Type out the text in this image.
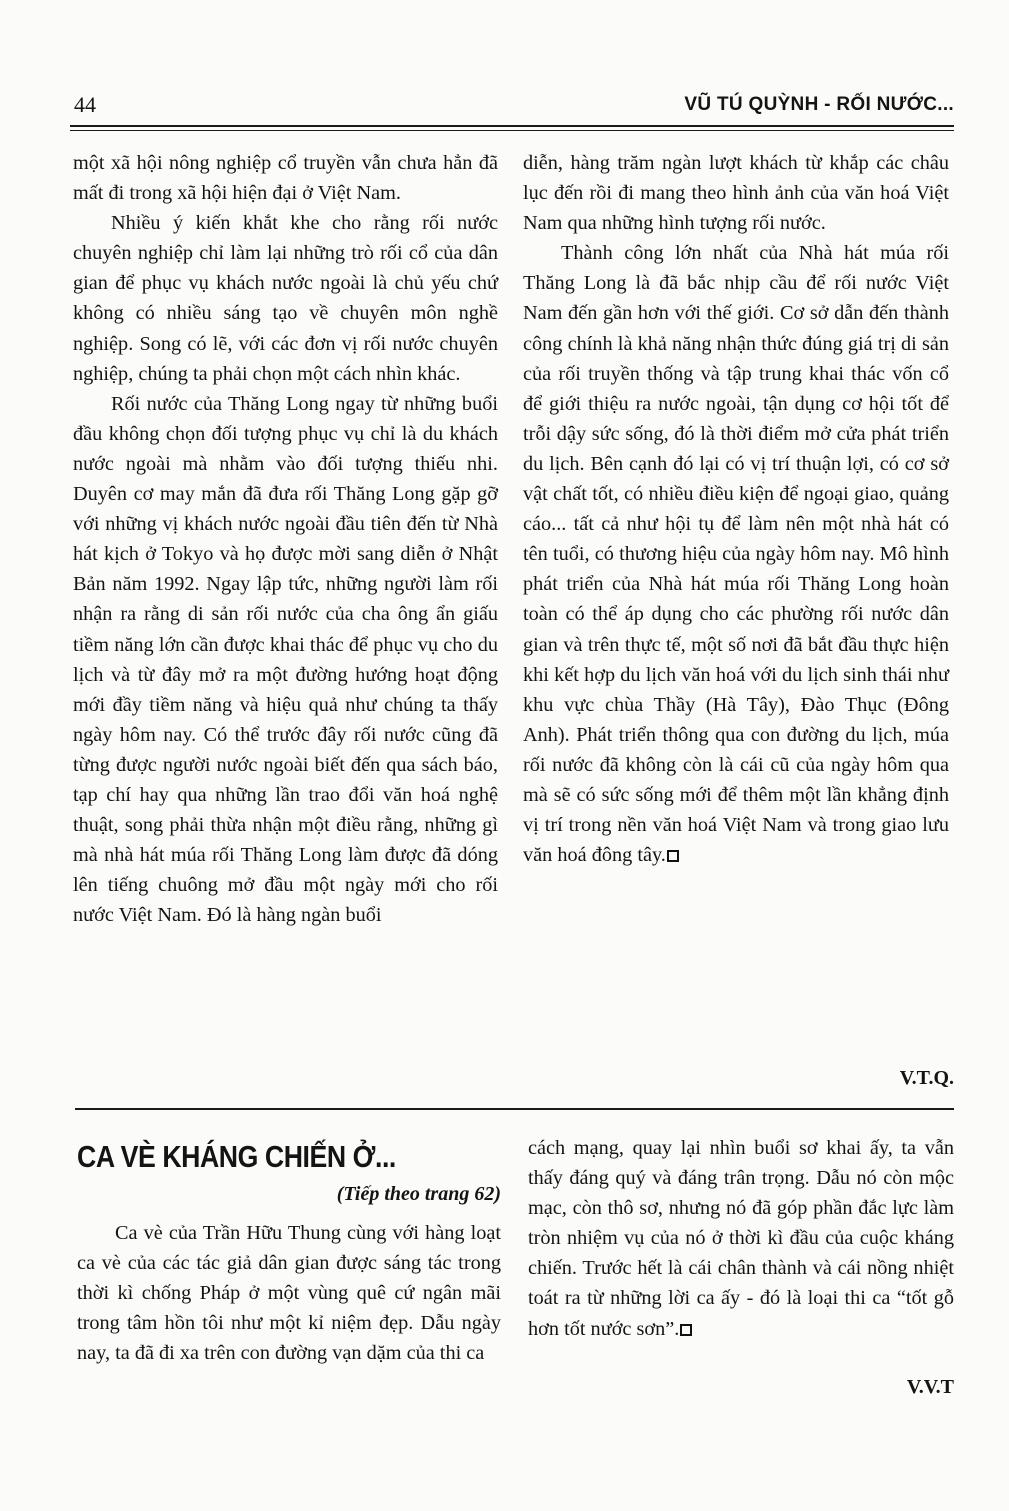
44	VŨ TÚ QUỲNH - RỐI NƯỚC...

một xã hội nông nghiệp cổ truyền vẫn chưa hẳn đã mất đi trong xã hội hiện đại ở Việt Nam.

Nhiều ý kiến khắt khe cho rằng rối nước chuyên nghiệp chỉ làm lại những trò rối cổ của dân gian để phục vụ khách nước ngoài là chủ yếu chứ không có nhiều sáng tạo về chuyên môn nghề nghiệp. Song có lẽ, với các đơn vị rối nước chuyên nghiệp, chúng ta phải chọn một cách nhìn khác.

Rối nước của Thăng Long ngay từ những buổi đầu không chọn đối tượng phục vụ chỉ là du khách nước ngoài mà nhằm vào đối tượng thiếu nhi. Duyên cơ may mắn đã đưa rối Thăng Long gặp gỡ với những vị khách nước ngoài đầu tiên đến từ Nhà hát kịch ở Tokyo và họ được mời sang diễn ở Nhật Bản năm 1992. Ngay lập tức, những người làm rối nhận ra rằng di sản rối nước của cha ông ẩn giấu tiềm năng lớn cần được khai thác để phục vụ cho du lịch và từ đây mở ra một đường hướng hoạt động mới đầy tiềm năng và hiệu quả như chúng ta thấy ngày hôm nay. Có thể trước đây rối nước cũng đã từng được người nước ngoài biết đến qua sách báo, tạp chí hay qua những lần trao đổi văn hoá nghệ thuật, song phải thừa nhận một điều rằng, những gì mà nhà hát múa rối Thăng Long làm được đã dóng lên tiếng chuông mở đầu một ngày mới cho rối nước Việt Nam. Đó là hàng ngàn buổi

diễn, hàng trăm ngàn lượt khách từ khắp các châu lục đến rồi đi mang theo hình ảnh của văn hoá Việt Nam qua những hình tượng rối nước.

Thành công lớn nhất của Nhà hát múa rối Thăng Long là đã bắc nhịp cầu để rối nước Việt Nam đến gần hơn với thế giới. Cơ sở dẫn đến thành công chính là khả năng nhận thức đúng giá trị di sản của rối truyền thống và tập trung khai thác vốn cổ để giới thiệu ra nước ngoài, tận dụng cơ hội tốt để trỗi dậy sức sống, đó là thời điểm mở cửa phát triển du lịch. Bên cạnh đó lại có vị trí thuận lợi, có cơ sở vật chất tốt, có nhiều điều kiện để ngoại giao, quảng cáo... tất cả như hội tụ để làm nên một nhà hát có tên tuổi, có thương hiệu của ngày hôm nay. Mô hình phát triển của Nhà hát múa rối Thăng Long hoàn toàn có thể áp dụng cho các phường rối nước dân gian và trên thực tế, một số nơi đã bắt đầu thực hiện khi kết hợp du lịch văn hoá với du lịch sinh thái như khu vực chùa Thầy (Hà Tây), Đào Thục (Đông Anh). Phát triển thông qua con đường du lịch, múa rối nước đã không còn là cái cũ của ngày hôm qua mà sẽ có sức sống mới để thêm một lần khẳng định vị trí trong nền văn hoá Việt Nam và trong giao lưu văn hoá đông tây.

V.T.Q.
CA VÈ KHÁNG CHIẾN Ở...
(Tiếp theo trang 62)

Ca vè của Trần Hữu Thung cùng với hàng loạt ca vè của các tác giả dân gian được sáng tác trong thời kì chống Pháp ở một vùng quê cứ ngân mãi trong tâm hồn tôi như một kỉ niệm đẹp. Dẫu ngày nay, ta đã đi xa trên con đường vạn dặm của thi ca

cách mạng, quay lại nhìn buổi sơ khai ấy, ta vẫn thấy đáng quý và đáng trân trọng. Dẫu nó còn mộc mạc, còn thô sơ, nhưng nó đã góp phần đắc lực làm tròn nhiệm vụ của nó ở thời kì đầu của cuộc kháng chiến. Trước hết là cái chân thành và cái nồng nhiệt toát ra từ những lời ca ấy - đó là loại thi ca “tốt gỗ hơn tốt nước sơn”.

V.V.T
